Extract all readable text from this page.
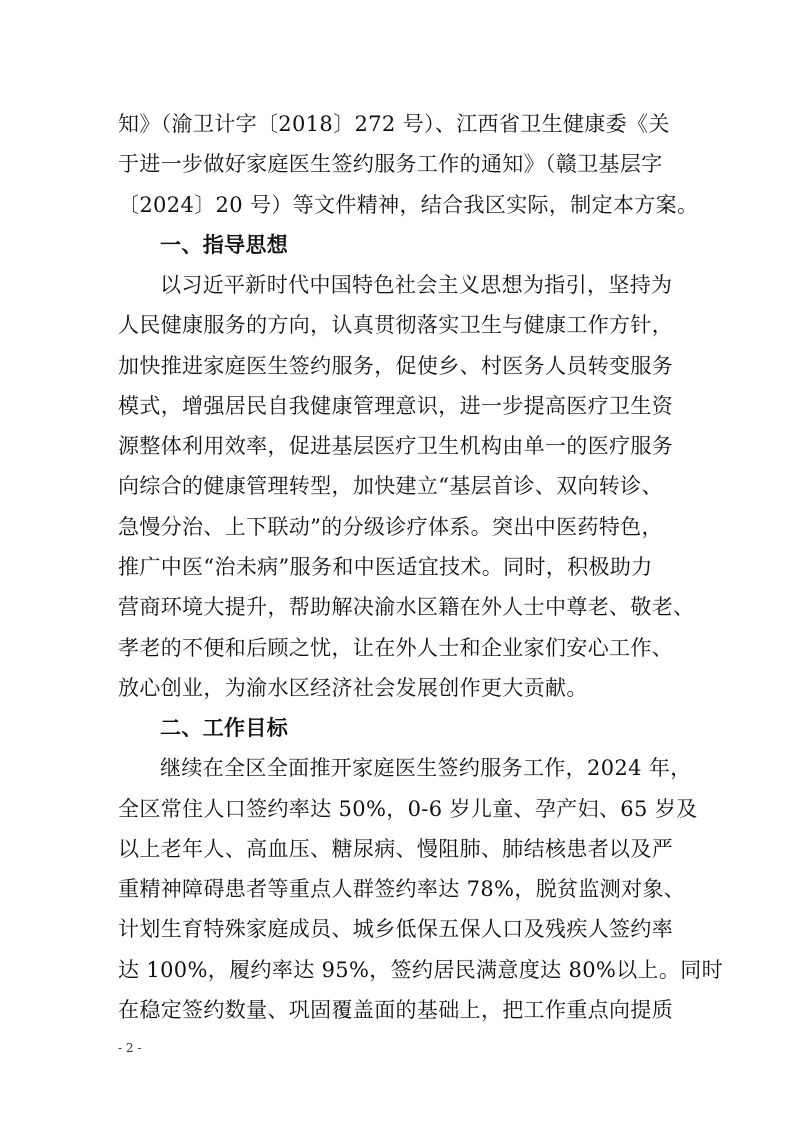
知》（渝卫计字〔2018〕272 号）、江西省卫生健康委《关
于进一步做好家庭医生签约服务工作的通知》（赣卫基层字
〔2024〕20 号）等文件精神，结合我区实际，制定本方案。
一、指导思想
以习近平新时代中国特色社会主义思想为指引，坚持为
人民健康服务的方向，认真贯彻落实卫生与健康工作方针，
加快推进家庭医生签约服务，促使乡、村医务人员转变服务
模式，增强居民自我健康管理意识，进一步提高医疗卫生资
源整体利用效率，促进基层医疗卫生机构由单一的医疗服务
向综合的健康管理转型，加快建立“基层首诊、双向转诊、
急慢分治、上下联动”的分级诊疗体系。突出中医药特色，
推广中医“治未病”服务和中医适宜技术。同时，积极助力
营商环境大提升，帮助解决渝水区籍在外人士中尊老、敬老、
孝老的不便和后顾之忧，让在外人士和企业家们安心工作、
放心创业，为渝水区经济社会发展创作更大贡献。
二、工作目标
继续在全区全面推开家庭医生签约服务工作，2024 年，
全区常住人口签约率达 50%，0-6 岁儿童、孕产妇、65 岁及
以上老年人、高血压、糖尿病、慢阻肺、肺结核患者以及严
重精神障碍患者等重点人群签约率达 78%，脱贫监测对象、
计划生育特殊家庭成员、城乡低保五保人口及残疾人签约率
达 100%，履约率达 95%，签约居民满意度达 80%以上。同时
在稳定签约数量、巩固覆盖面的基础上，把工作重点向提质
- 2 -
